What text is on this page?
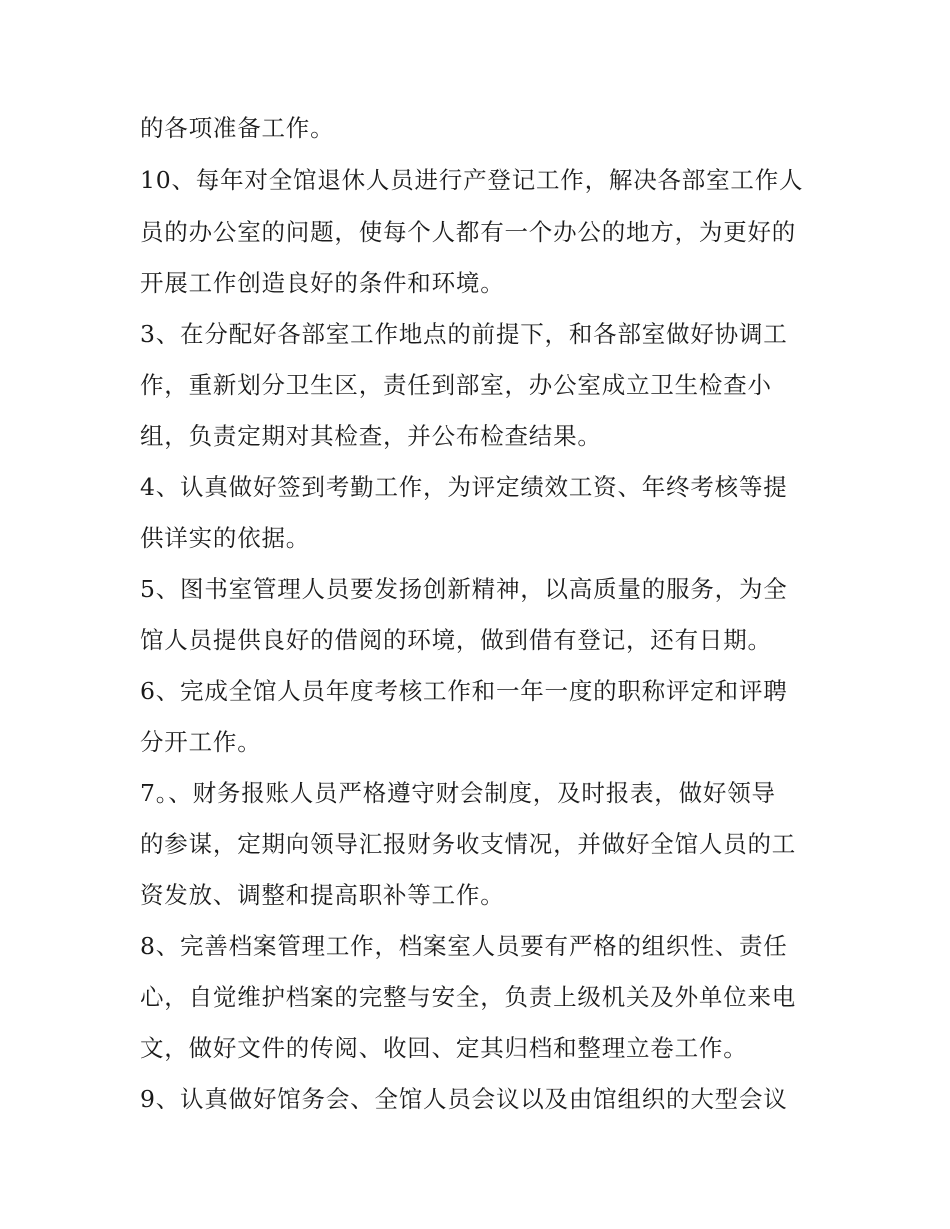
的各项准备工作。

10、每年对全馆退休人员进行产登记工作，解决各部室工作人

员的办公室的问题，使每个人都有一个办公的地方，为更好的

开展工作创造良好的条件和环境。

3、在分配好各部室工作地点的前提下，和各部室做好协调工

作，重新划分卫生区，责任到部室，办公室成立卫生检查小

组，负责定期对其检查，并公布检查结果。

4、认真做好签到考勤工作，为评定绩效工资、年终考核等提

供详实的依据。

5、图书室管理人员要发扬创新精神，以高质量的服务，为全

馆人员提供良好的借阅的环境，做到借有登记，还有日期。

6、完成全馆人员年度考核工作和一年一度的职称评定和评聘

分开工作。

7。、财务报账人员严格遵守财会制度，及时报表，做好领导

的参谋，定期向领导汇报财务收支情况，并做好全馆人员的工

资发放、调整和提高职补等工作。

8、完善档案管理工作，档案室人员要有严格的组织性、责任

心，自觉维护档案的完整与安全，负责上级机关及外单位来电

文，做好文件的传阅、收回、定其归档和整理立卷工作。

9、认真做好馆务会、全馆人员会议以及由馆组织的大型会议
